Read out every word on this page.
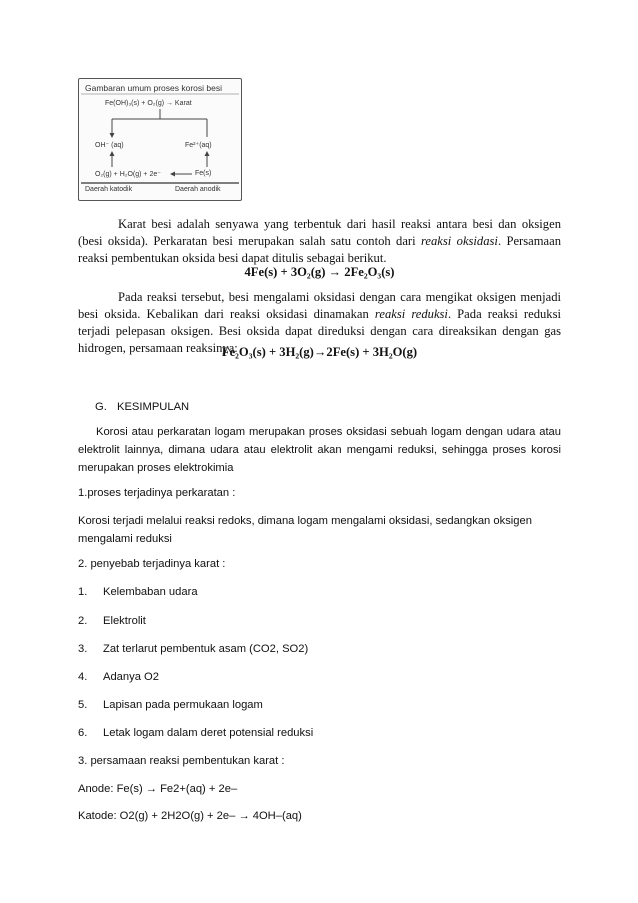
Gambaran umum proses korosi besi
Fe(OH)₃(s) + O₂(g) → Karat
OH⁻ (aq)	Fe²⁺(aq)
O₂(g) + H₂O(g) + 2e⁻	Fe(s)
Daerah katodik	Daerah anodik

Karat besi adalah senyawa yang terbentuk dari hasil reaksi antara besi dan oksigen (besi oksida). Perkaratan besi merupakan salah satu contoh dari reaksi oksidasi. Persamaan reaksi pembentukan oksida besi dapat ditulis sebagai berikut.

4Fe(s) + 3O₂(g) → 2Fe₂O₃(s)

Pada reaksi tersebut, besi mengalami oksidasi dengan cara mengikat oksigen menjadi besi oksida. Kebalikan dari reaksi oksidasi dinamakan reaksi reduksi. Pada reaksi reduksi terjadi pelepasan oksigen. Besi oksida dapat direduksi dengan cara direaksikan dengan gas hidrogen, persamaan reaksinya:

Fe₂O₃(s) + 3H₂(g)→2Fe(s) + 3H₂O(g)
G. KESIMPULAN

Korosi atau perkaratan logam merupakan proses oksidasi sebuah logam dengan udara atau elektrolit lainnya, dimana udara atau elektrolit akan mengami reduksi, sehingga proses korosi merupakan proses elektrokimia

1.proses terjadinya perkaratan :

Korosi terjadi melalui reaksi redoks, dimana logam mengalami oksidasi, sedangkan oksigen mengalami reduksi

2. penyebab terjadinya karat :
1. Kelembaban udara
2. Elektrolit
3. Zat terlarut pembentuk asam (CO2, SO2)
4. Adanya O2
5. Lapisan pada permukaan logam
6. Letak logam dalam deret potensial reduksi
3. persamaan reaksi pembentukan karat :
Anode: Fe(s) → Fe2+(aq) + 2e–
Katode: O2(g) + 2H2O(g) + 2e– → 4OH–(aq)
